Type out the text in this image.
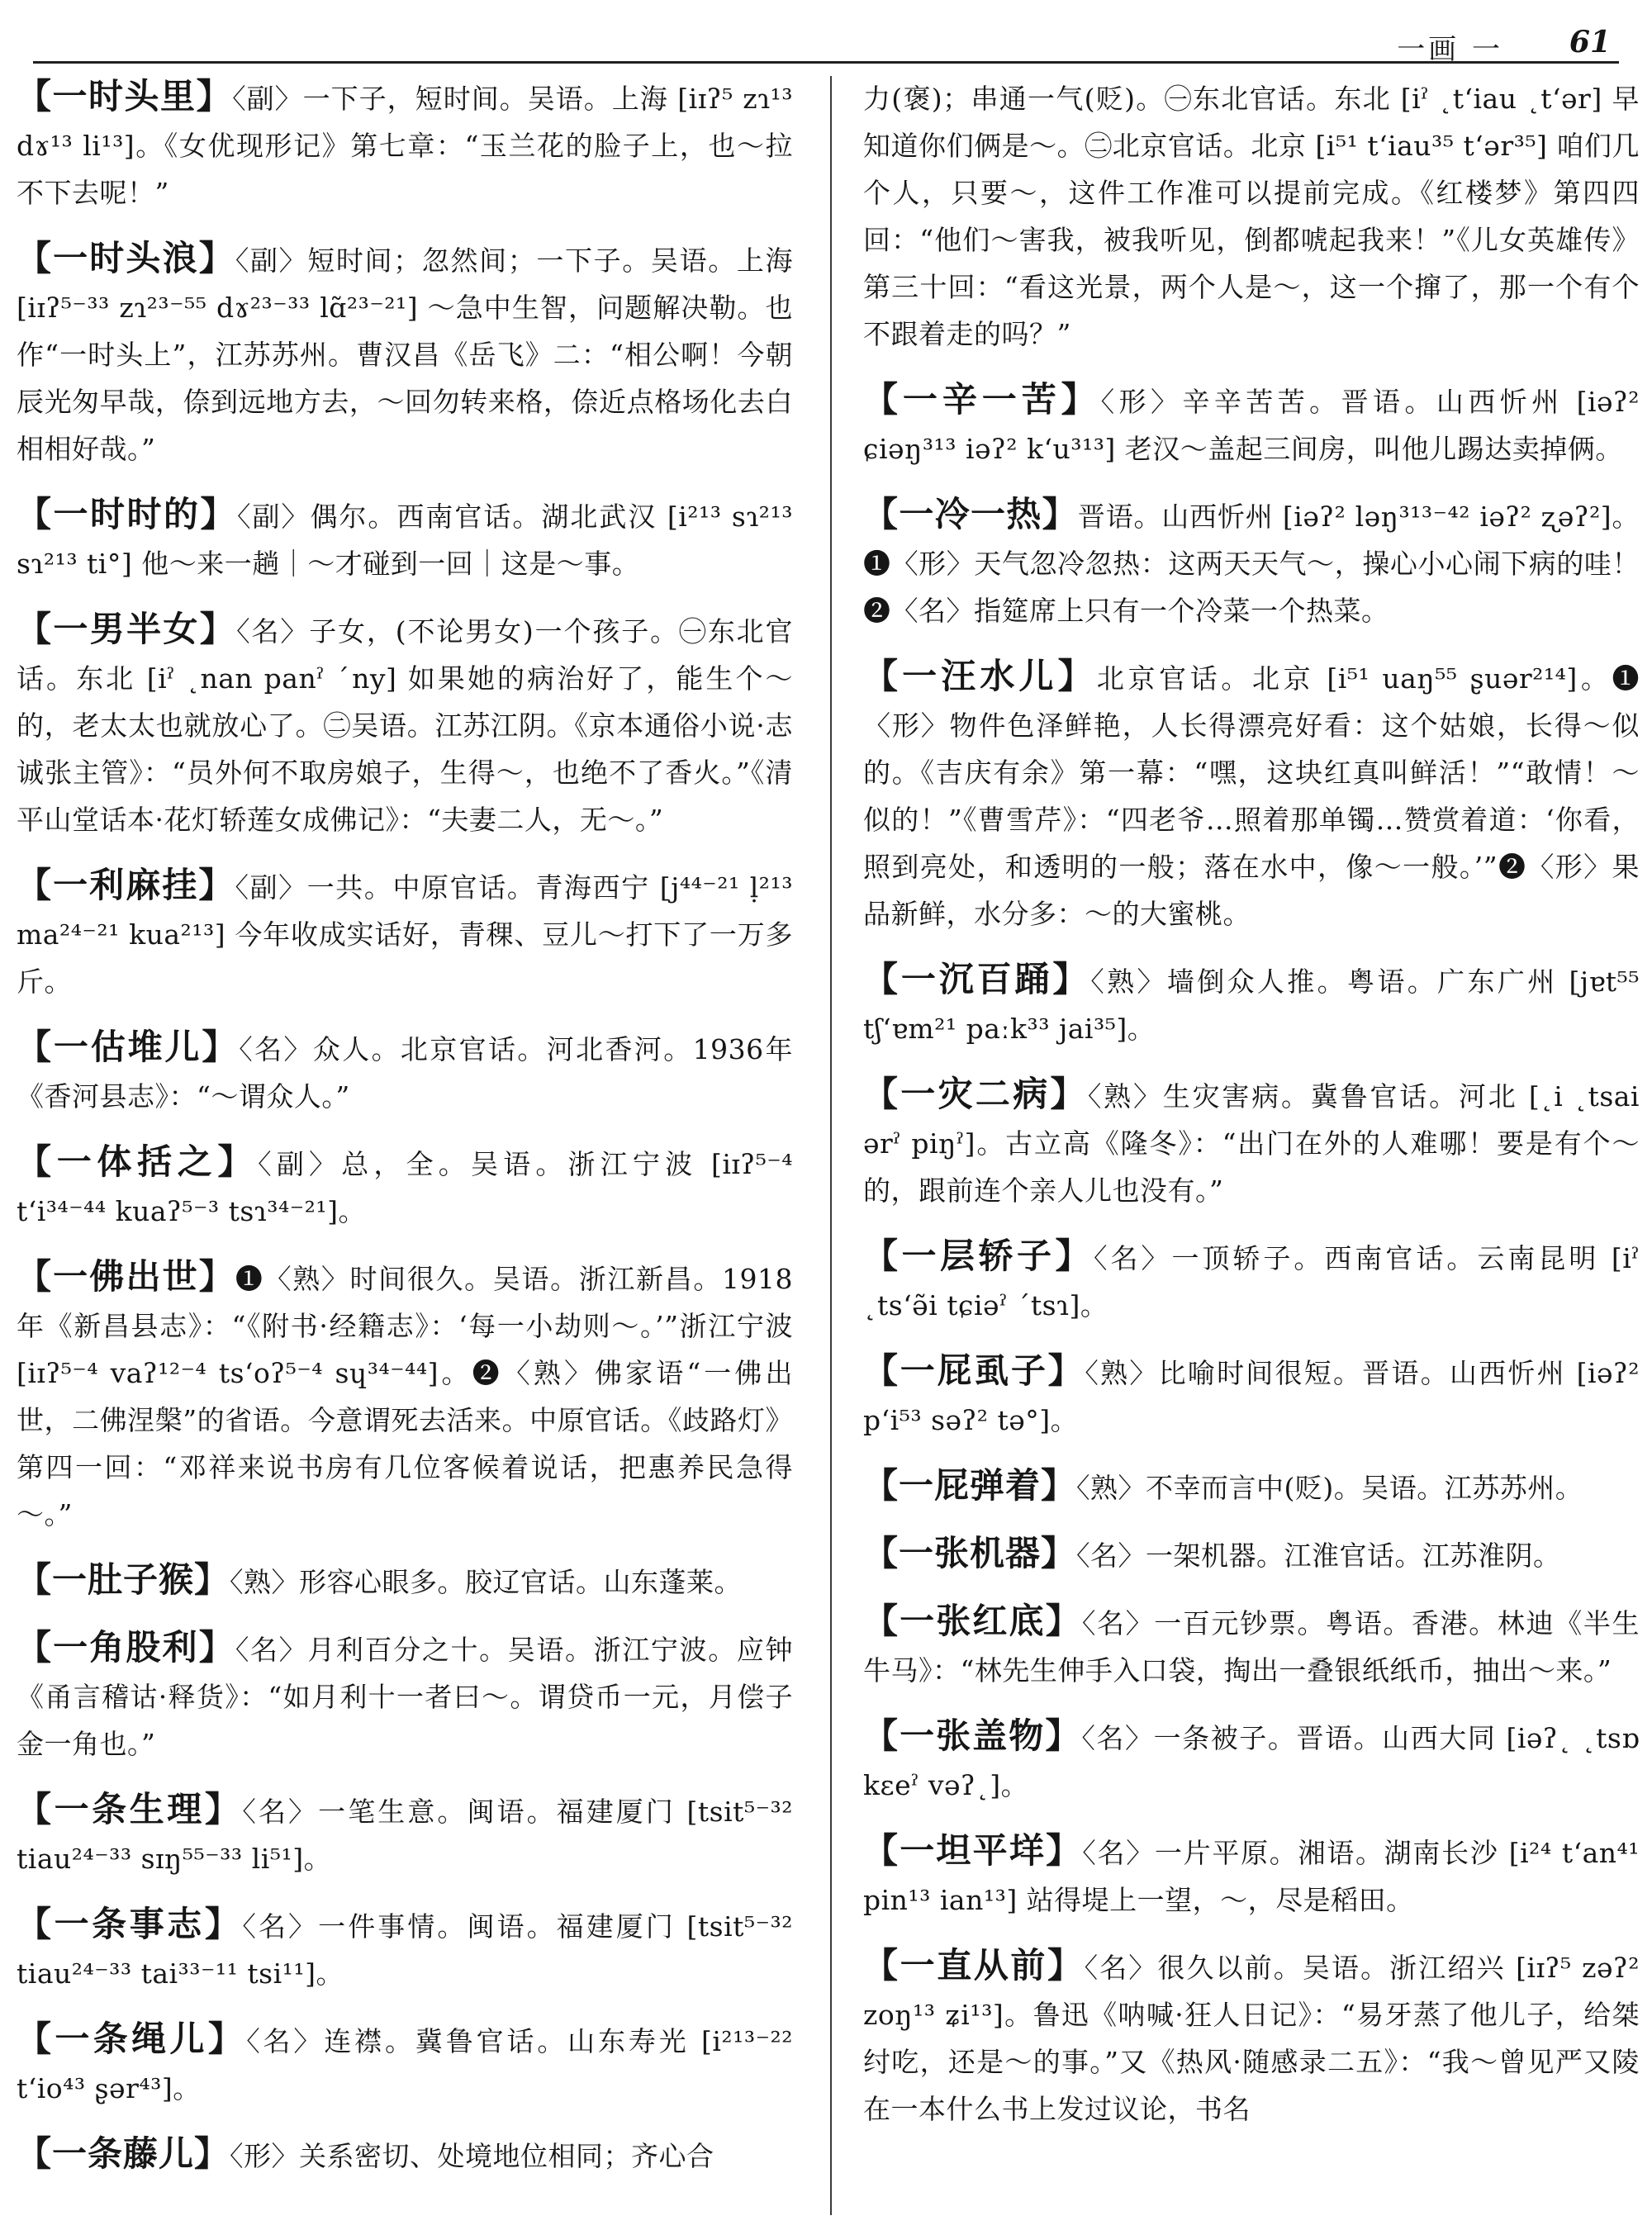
一画 一 61

【一时头里】〈副〉一下子，短时间。吴语。上海 [iɪʔ⁵ zɿ¹³ dɤ¹³ li¹³]。《女优现形记》第七章：“玉兰花的脸子上，也～拉不下去呢！”

【一时头浪】〈副〉短时间；忽然间；一下子。吴语。上海 [iɪʔ⁵⁻³³ zɿ²³⁻⁵⁵ dɤ²³⁻³³ lɑ̃²³⁻²¹] ～急中生智，问题解决勒。也作“一时头上”，江苏苏州。曹汉昌《岳飞》二：“相公啊！今朝辰光匆早哉，倷到远地方去，～回勿转来格，倷近点格场化去白相相好哉。”

【一时时的】〈副〉偶尔。西南官话。湖北武汉 [i²¹³ sɿ²¹³ sɿ²¹³ ti°] 他～来一趟｜～才碰到一回｜这是～事。

【一男半女】〈名〉子女，(不论男女)一个孩子。㊀东北官话。东北 [iˀ ˛nan panˀ ˊny] 如果她的病治好了，能生个～的，老太太也就放心了。㊁吴语。江苏江阴。《京本通俗小说·志诚张主管》：“员外何不取房娘子，生得～，也绝不了香火。”《清平山堂话本·花灯轿莲女成佛记》：“夫妻二人，无～。”

【一利麻挂】〈副〉一共。中原官话。青海西宁 [j⁴⁴⁻²¹ ḷ²¹³ ma²⁴⁻²¹ kua²¹³] 今年收成实话好，青稞、豆儿～打下了一万多斤。

【一估堆儿】〈名〉众人。北京官话。河北香河。1936年《香河县志》：“～谓众人。”

【一体括之】〈副〉总，全。吴语。浙江宁波 [iɪʔ⁵⁻⁴ tʻi³⁴⁻⁴⁴ kuaʔ⁵⁻³ tsɿ³⁴⁻²¹]。

【一佛出世】❶〈熟〉时间很久。吴语。浙江新昌。1918年《新昌县志》：“《附书·经籍志》：‘每一小劫则～。’”浙江宁波 [iɪʔ⁵⁻⁴ vaʔ¹²⁻⁴ tsʻoʔ⁵⁻⁴ sɥ³⁴⁻⁴⁴]。❷〈熟〉佛家语“一佛出世，二佛涅槃”的省语。今意谓死去活来。中原官话。《歧路灯》第四一回：“邓祥来说书房有几位客候着说话，把惠养民急得～。”

【一肚子猴】〈熟〉形容心眼多。胶辽官话。山东蓬莱。

【一角股利】〈名〉月利百分之十。吴语。浙江宁波。应钟《甬言稽诂·释货》：“如月利十一者曰～。谓贷币一元，月偿子金一角也。”

【一条生理】〈名〉一笔生意。闽语。福建厦门 [tsit⁵⁻³² tiau²⁴⁻³³ sɪŋ⁵⁵⁻³³ li⁵¹]。

【一条事志】〈名〉一件事情。闽语。福建厦门 [tsit⁵⁻³² tiau²⁴⁻³³ tai³³⁻¹¹ tsi¹¹]。

【一条绳儿】〈名〉连襟。冀鲁官话。山东寿光 [i²¹³⁻²² tʻio⁴³ ʂər⁴³]。

【一条藤儿】〈形〉关系密切、处境地位相同；齐心合

力(褒)；串通一气(贬)。㊀东北官话。东北 [iˀ ˛tʻiau ˛tʻər] 早知道你们俩是～。㊁北京官话。北京 [i⁵¹ tʻiau³⁵ tʻər³⁵] 咱们几个人，只要～，这件工作准可以提前完成。《红楼梦》第四四回：“他们～害我，被我听见，倒都唬起我来！”《儿女英雄传》第三十回：“看这光景，两个人是～，这一个撺了，那一个有个不跟着走的吗？”

【一辛一苦】〈形〉辛辛苦苦。晋语。山西忻州 [iəʔ² ɕiəŋ³¹³ iəʔ² kʻu³¹³] 老汉～盖起三间房，叫他儿踢达卖掉俩。

【一冷一热】晋语。山西忻州 [iəʔ² ləŋ³¹³⁻⁴² iəʔ² ʐəʔ²]。❶〈形〉天气忽冷忽热：这两天天气～，操心小心闹下病的哇！❷〈名〉指筵席上只有一个冷菜一个热菜。

【一汪水儿】北京官话。北京 [i⁵¹ uaŋ⁵⁵ ʂuər²¹⁴]。❶〈形〉物件色泽鲜艳，人长得漂亮好看：这个姑娘，长得～似的。《吉庆有余》第一幕：“嘿，这块红真叫鲜活！”“敢情！～似的！”《曹雪芹》：“四老爷…照着那单镯…赞赏着道：‘你看，照到亮处，和透明的一般；落在水中，像～一般。’”❷〈形〉果品新鲜，水分多：～的大蜜桃。

【一沉百踊】〈熟〉墙倒众人推。粤语。广东广州 [jɐt⁵⁵ tʃʻɐm²¹ paːk³³ jai³⁵]。

【一灾二病】〈熟〉生灾害病。冀鲁官话。河北 [˛i ˛tsai ərˀ piŋˀ]。古立高《隆冬》：“出门在外的人难哪！要是有个～的，跟前连个亲人儿也没有。”

【一层轿子】〈名〉一顶轿子。西南官话。云南昆明 [iˀ ˛tsʻə̃i tɕiəˀ ˊtsɿ]。

【一屁虱子】〈熟〉比喻时间很短。晋语。山西忻州 [iəʔ² pʻi⁵³ səʔ² tə°]。

【一屁弹着】〈熟〉不幸而言中(贬)。吴语。江苏苏州。

【一张机器】〈名〉一架机器。江淮官话。江苏淮阴。

【一张红底】〈名〉一百元钞票。粤语。香港。林迪《半生牛马》：“林先生伸手入口袋，掏出一叠银纸纸币，抽出～来。”

【一张盖物】〈名〉一条被子。晋语。山西大同 [iəʔ˛ ˛tsɒ kɛeˀ vəʔ˛]。

【一坦平垟】〈名〉一片平原。湘语。湖南长沙 [i²⁴ tʻan⁴¹ pin¹³ ian¹³] 站得堤上一望，～，尽是稻田。

【一直从前】〈名〉很久以前。吴语。浙江绍兴 [iɪʔ⁵ zəʔ² zoŋ¹³ ʑi¹³]。鲁迅《呐喊·狂人日记》：“易牙蒸了他儿子，给桀纣吃，还是～的事。”又《热风·随感录二五》：“我～曾见严又陵在一本什么书上发过议论，书名
